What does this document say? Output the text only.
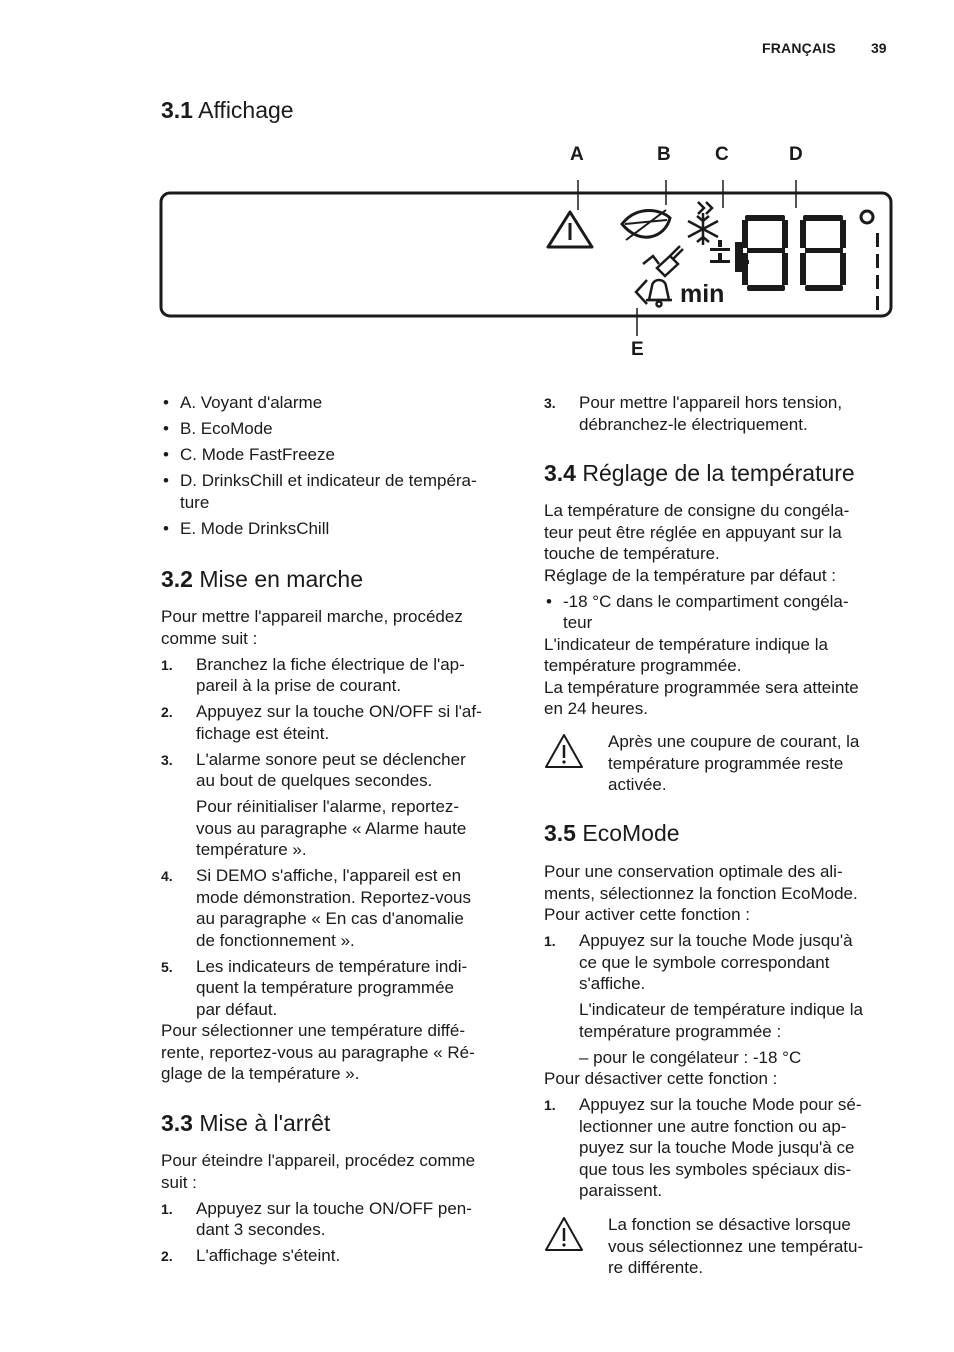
FRANÇAIS	39
3.1 Affichage
A	B C	D
E
min
• A. Voyant d'alarme
• B. EcoMode
• C. Mode FastFreeze
• D. DrinksChill et indicateur de tempéra-
ture
• E. Mode DrinksChill
3.2 Mise en marche

Pour mettre l'appareil marche, procédez
comme suit :

1. Branchez la fiche électrique de l'ap-
pareil à la prise de courant.
2. Appuyez sur la touche ON/OFF si l'af-
fichage est éteint.
3. L'alarme sonore peut se déclencher
au bout de quelques secondes.
Pour réinitialiser l'alarme, reportez-
vous au paragraphe « Alarme haute
température ».
4. Si DEMO s'affiche, l'appareil est en
mode démonstration. Reportez-vous
au paragraphe « En cas d'anomalie
de fonctionnement ».
5. Les indicateurs de température indi-
quent la température programmée
par défaut.

Pour sélectionner une température diffé-
rente, reportez-vous au paragraphe « Ré-
glage de la température ».

3.3 Mise à l'arrêt

Pour éteindre l'appareil, procédez comme
suit :

1. Appuyez sur la touche ON/OFF pen-
dant 3 secondes.
2. L'affichage s'éteint.
3. Pour mettre l'appareil hors tension,
débranchez-le électriquement.
3.4 Réglage de la température

La température de consigne du congéla-
teur peut être réglée en appuyant sur la
touche de température.
Réglage de la température par défaut :

• -18 °C dans le compartiment congéla-
teur

L'indicateur de température indique la
température programmée.
La température programmée sera atteinte
en 24 heures.

Après une coupure de courant, la
température programmée reste
activée.
3.5 EcoMode

Pour une conservation optimale des ali-
ments, sélectionnez la fonction EcoMode.
Pour activer cette fonction :

1. Appuyez sur la touche Mode jusqu'à
ce que le symbole correspondant
s'affiche.
L'indicateur de température indique la
température programmée :
– pour le congélateur : -18 °C

Pour désactiver cette fonction :

1. Appuyez sur la touche Mode pour sé-
lectionner une autre fonction ou ap-
puyez sur la touche Mode jusqu'à ce
que tous les symboles spéciaux dis-
paraissent.
La fonction se désactive lorsque
vous sélectionnez une températu-
re différente.
